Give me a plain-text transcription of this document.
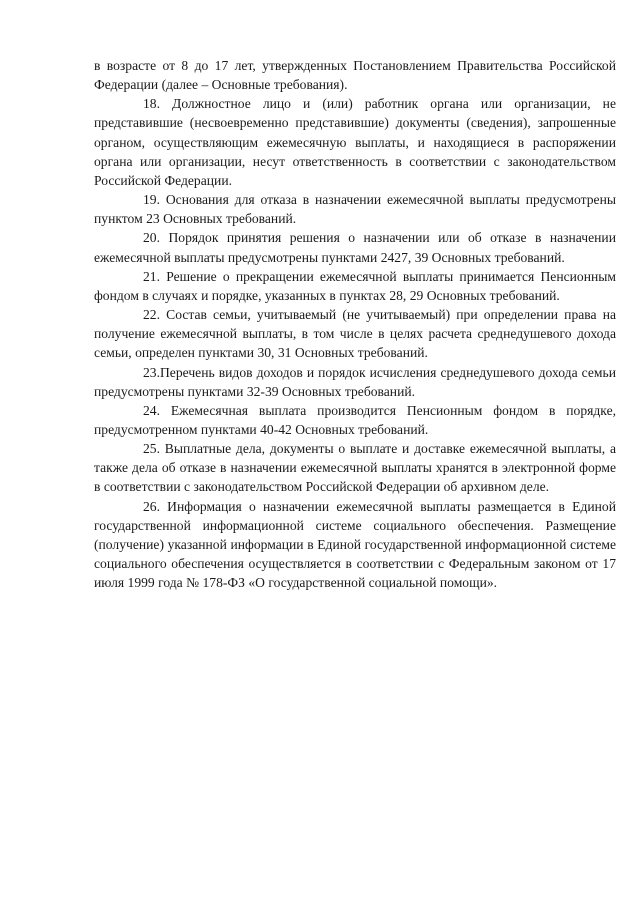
в возрасте от 8 до 17 лет, утвержденных Постановлением Правительства Российской Федерации (далее – Основные требования).

18. Должностное лицо и (или) работник органа или организации, не представившие (несвоевременно представившие) документы (сведения), запрошенные органом, осуществляющим ежемесячную выплаты, и находящиеся в распоряжении органа или организации, несут ответственность в соответствии с законодательством Российской Федерации.

19. Основания для отказа в назначении ежемесячной выплаты предусмотрены пунктом 23 Основных требований.

20. Порядок принятия решения о назначении или об отказе в назначении ежемесячной выплаты предусмотрены пунктами 2427, 39 Основных требований.

21. Решение о прекращении ежемесячной выплаты принимается Пенсионным фондом в случаях и порядке, указанных в пунктах 28, 29 Основных требований.

22. Состав семьи, учитываемый (не учитываемый) при определении права на получение ежемесячной выплаты, в том числе в целях расчета среднедушевого дохода семьи, определен пунктами 30, 31 Основных требований.

23.Перечень видов доходов и порядок исчисления среднедушевого дохода семьи предусмотрены пунктами 32-39 Основных требований.

24. Ежемесячная выплата производится Пенсионным фондом в порядке, предусмотренном пунктами 40-42 Основных требований.

25. Выплатные дела, документы о выплате и доставке ежемесячной выплаты, а также дела об отказе в назначении ежемесячной выплаты хранятся в электронной форме в соответствии с законодательством Российской Федерации об архивном деле.

26. Информация о назначении ежемесячной выплаты размещается в Единой государственной информационной системе социального обеспечения. Размещение (получение) указанной информации в Единой государственной информационной системе социального обеспечения осуществляется в соответствии с Федеральным законом от 17 июля 1999 года № 178-ФЗ «О государственной социальной помощи».
